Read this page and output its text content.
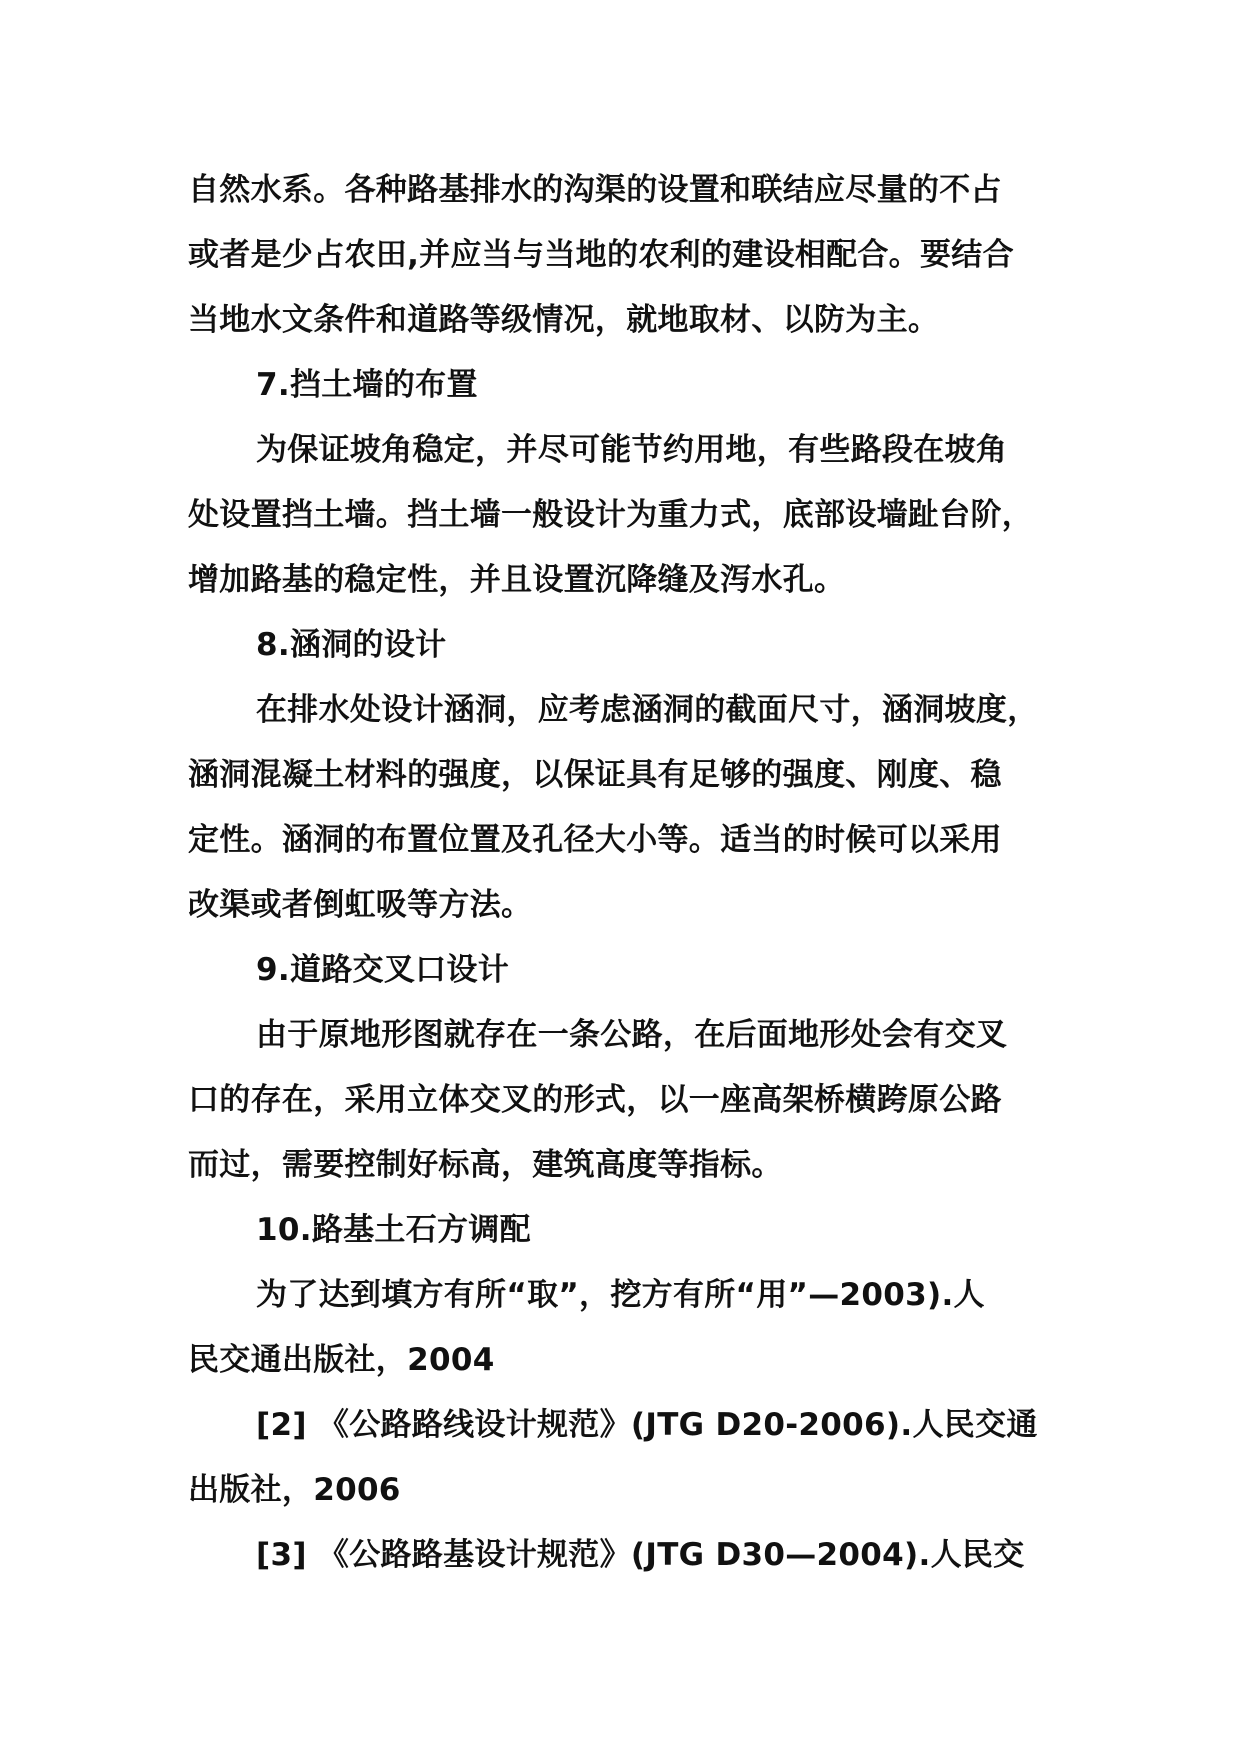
自然水系。各种路基排水的沟渠的设置和联结应尽量的不占
或者是少占农田,并应当与当地的农利的建设相配合。要结合
当地水文条件和道路等级情况，就地取材、以防为主。
7.挡土墙的布置
为保证坡角稳定，并尽可能节约用地，有些路段在坡角
处设置挡土墙。挡土墙一般设计为重力式，底部设墙趾台阶，
增加路基的稳定性，并且设置沉降缝及泻水孔。
8.涵洞的设计
在排水处设计涵洞，应考虑涵洞的截面尺寸，涵洞坡度，
涵洞混凝土材料的强度，以保证具有足够的强度、刚度、稳
定性。涵洞的布置位置及孔径大小等。适当的时候可以采用
改渠或者倒虹吸等方法。
9.道路交叉口设计
由于原地形图就存在一条公路，在后面地形处会有交叉
口的存在，采用立体交叉的形式，以一座高架桥横跨原公路
而过，需要控制好标高，建筑高度等指标。
10.路基土石方调配
为了达到填方有所“取”，挖方有所“用”—2003).人
民交通出版社，2004
[2] 《公路路线设计规范》(JTG D20-2006).人民交通
出版社，2006
[3] 《公路路基设计规范》(JTG D30—2004).人民交
